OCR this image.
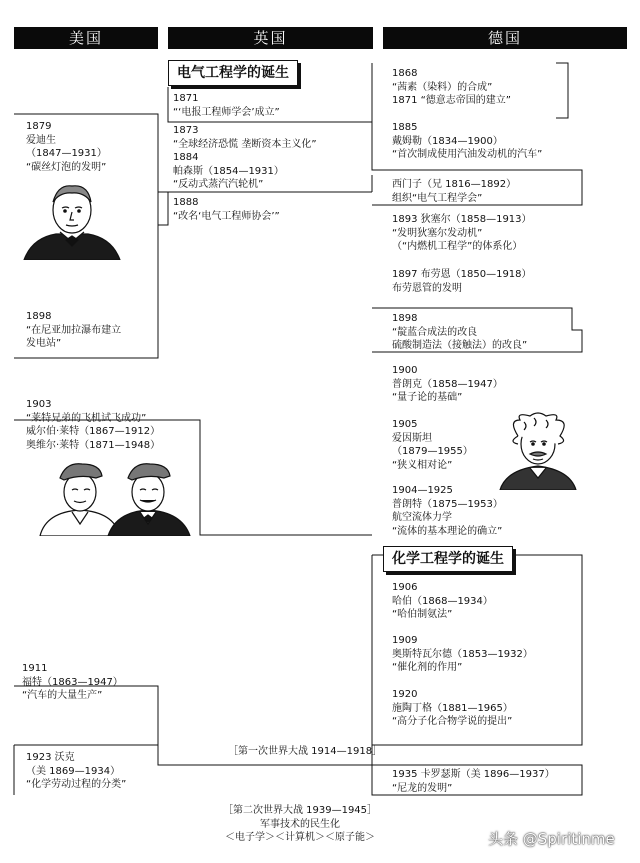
美国	英国	德国
电气工程学的诞生
化学工程学的诞生
1871
“‘电报工程师学会’成立”
1873
“全球经济恐慌 垄断资本主义化”
1884
帕森斯（1854—1931）
“反动式蒸汽汽轮机”
1888
“改名‘电气工程师协会’”
1879
爱迪生
（1847—1931）
“碳丝灯泡的发明”
1898
“在尼亚加拉瀑布建立
发电站”
1903
“莱特兄弟的飞机试飞成功”
威尔伯·莱特（1867—1912）
奥维尔·莱特（1871—1948）
1911
福特（1863—1947）
“汽车的大量生产”
1923 沃克
（美 1869—1934）
“化学劳动过程的分类”
1868
“茜素（染料）的合成”
1871 “德意志帝国的建立”
1885
戴姆勒（1834—1900）
“首次制成使用汽油发动机的汽车”
西门子（兄 1816—1892）
组织“电气工程学会”
1893 狄塞尔（1858—1913）
“发明狄塞尔发动机”
（“内燃机工程学”的体系化）
1897 布劳恩（1850—1918）
布劳恩管的发明
1898
“靛蓝合成法的改良
硫酸制造法（接触法）的改良”
1900
普朗克（1858—1947）
“量子论的基础”
1905
爱因斯坦
（1879—1955）
“狭义相对论”
1904—1925
普朗特（1875—1953）
航空流体力学
“流体的基本理论的确立”
1906
哈伯（1868—1934）
“哈伯制氨法”
1909
奥斯特瓦尔德（1853—1932）
“催化剂的作用”
1920
施陶丁格（1881—1965）
“高分子化合物学说的提出”
1935 卡罗瑟斯（美 1896—1937）
“尼龙的发明”
［第一次世界大战 1914—1918］
［第二次世界大战 1939—1945］
军事技术的民生化
＜电子学＞＜计算机＞＜原子能＞	头条 @Spiritinme
